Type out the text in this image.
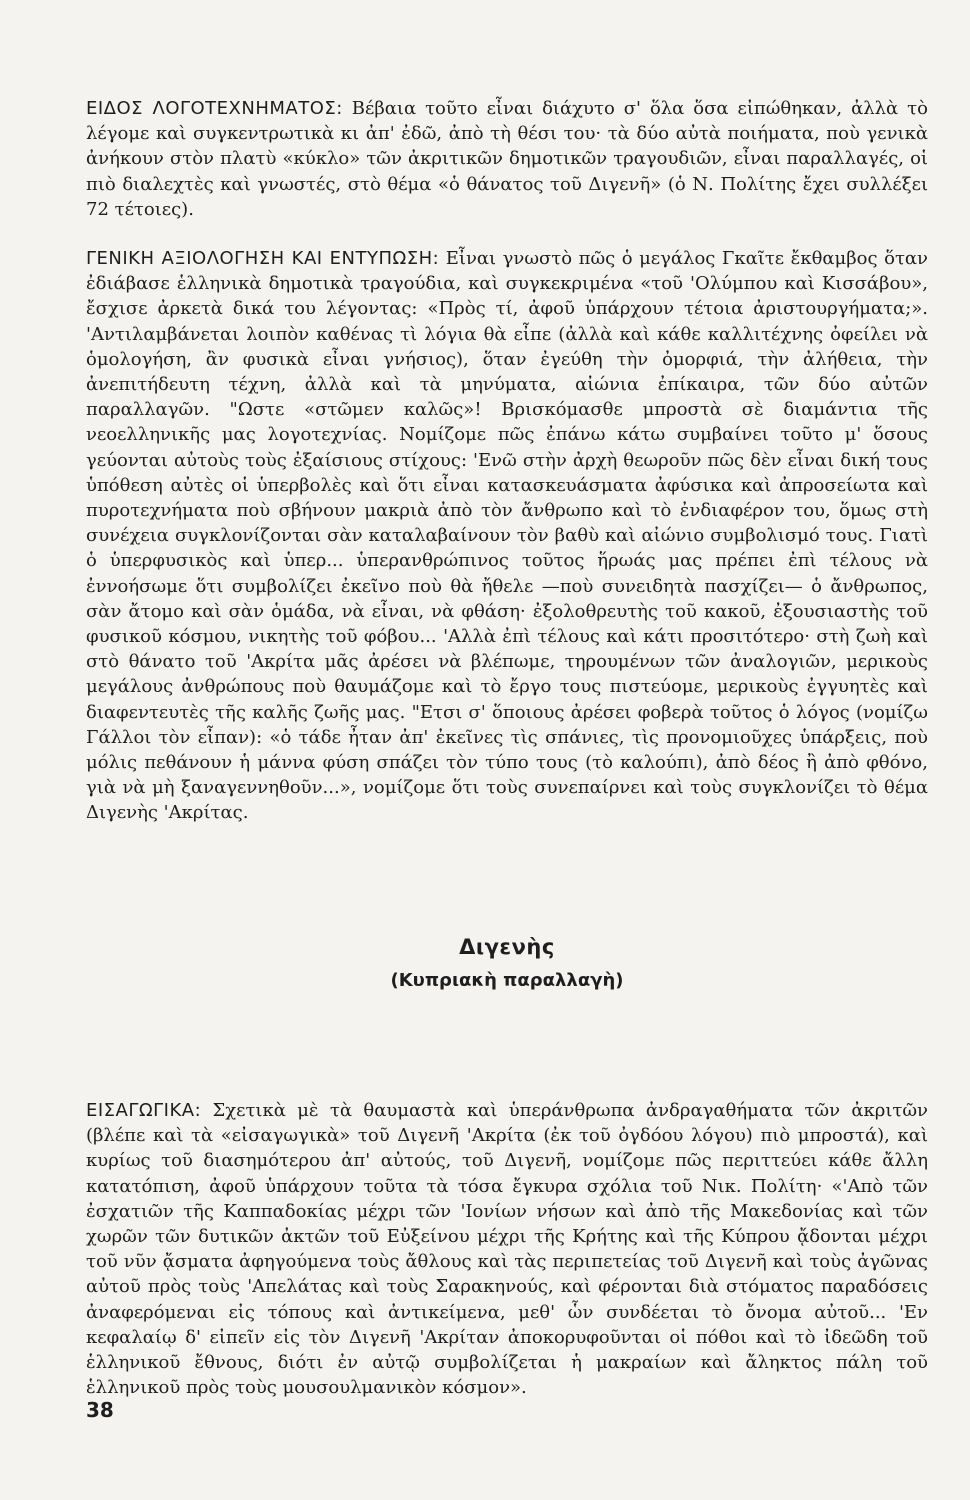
ΕΙΔΟΣ ΛΟΓΟΤΕΧΝΗΜΑΤΟΣ: Βέβαια τοῦτο εἶναι διάχυτο σ' ὅλα ὅσα εἰπώθηκαν, ἀλλὰ τὸ λέγομε καὶ συγκεντρωτικὰ κι ἀπ' ἐδῶ, ἀπὸ τὴ θέσι του· τὰ δύο αὐτὰ ποιήματα, ποὺ γενικὰ ἀνήκουν στὸν πλατὺ «κύκλο» τῶν ἀκριτικῶν δημοτικῶν τραγουδιῶν, εἶναι παραλλαγές, οἱ πιὸ διαλεχτὲς καὶ γνωστές, στὸ θέμα «ὁ θάνατος τοῦ Διγενῆ» (ὁ Ν. Πολίτης ἔχει συλλέξει 72 τέτοιες).

ΓΕΝΙΚΗ ΑΞΙΟΛΟΓΗΣΗ ΚΑΙ ΕΝΤΥΠΩΣΗ: Εἶναι γνωστὸ πῶς ὁ μεγάλος Γκαῖτε ἔκθαμβος ὅταν ἐδιάβασε ἑλληνικὰ δημοτικὰ τραγούδια, καὶ συγκεκριμένα «τοῦ 'Ολύμπου καὶ Κισσάβου», ἔσχισε ἀρκετὰ δικά του λέγοντας: «Πρὸς τί, ἀφοῦ ὑπάρχουν τέτοια ἀριστουργήματα;». 'Αντιλαμβάνεται λοιπὸν καθένας τὶ λόγια θὰ εἶπε (ἀλλὰ καὶ κάθε καλλιτέχνης ὀφείλει νὰ ὁμολογήση, ἂν φυσικὰ εἶναι γνήσιος), ὅταν ἐγεύθη τὴν ὀμορφιά, τὴν ἀλήθεια, τὴν ἀνεπιτήδευτη τέχνη, ἀλλὰ καὶ τὰ μηνύματα, αἰώνια ἐπίκαιρα, τῶν δύο αὐτῶν παραλλαγῶν. "Ωστε «στῶμεν καλῶς»! Βρισκόμασθε μπροστὰ σὲ διαμάντια τῆς νεοελληνικῆς μας λογοτεχνίας. Νομίζομε πῶς ἐπάνω κάτω συμβαίνει τοῦτο μ' ὅσους γεύονται αὐτοὺς τοὺς ἐξαίσιους στίχους: 'Ενῶ στὴν ἀρχὴ θεωροῦν πῶς δὲν εἶναι δική τους ὑπόθεση αὐτὲς οἱ ὑπερβολὲς καὶ ὅτι εἶναι κατασκευάσματα ἀφύσικα καὶ ἀπροσείωτα καὶ πυροτεχνήματα ποὺ σβήνουν μακριὰ ἀπὸ τὸν ἄνθρωπο καὶ τὸ ἐνδιαφέρον του, ὅμως στὴ συνέχεια συγκλονίζονται σὰν καταλαβαίνουν τὸν βαθὺ καὶ αἰώνιο συμβολισμό τους. Γιατὶ ὁ ὑπερφυσικὸς καὶ ὑπερ... ὑπερανθρώπινος τοῦτος ἥρωάς μας πρέπει ἐπὶ τέλους νὰ ἐννοήσωμε ὅτι συμβολίζει ἐκεῖνο ποὺ θὰ ἤθελε —ποὺ συνειδητὰ πασχίζει— ὁ ἄνθρωπος, σὰν ἄτομο καὶ σὰν ὁμάδα, νὰ εἶναι, νὰ φθάση· ἐξολοθρευτὴς τοῦ κακοῦ, ἐξουσιαστὴς τοῦ φυσικοῦ κόσμου, νικητὴς τοῦ φόβου... 'Αλλὰ ἐπὶ τέλους καὶ κάτι προσιτότερο· στὴ ζωὴ καὶ στὸ θάνατο τοῦ 'Ακρίτα μᾶς ἀρέσει νὰ βλέπωμε, τηρουμένων τῶν ἀναλογιῶν, μερικοὺς μεγάλους ἀνθρώπους ποὺ θαυμάζομε καὶ τὸ ἔργο τους πιστεύομε, μερικοὺς ἐγγυητὲς καὶ διαφεντευτὲς τῆς καλῆς ζωῆς μας. "Ετσι σ' ὅποιους ἀρέσει φοβερὰ τοῦτος ὁ λόγος (νομίζω Γάλλοι τὸν εἶπαν): «ὁ τάδε ἦταν ἀπ' ἐκεῖνες τὶς σπάνιες, τὶς προνομιοῦχες ὑπάρξεις, ποὺ μόλις πεθάνουν ἡ μάννα φύση σπάζει τὸν τύπο τους (τὸ καλούπι), ἀπὸ δέος ἢ ἀπὸ φθόνο, γιὰ νὰ μὴ ξαναγεννηθοῦν...», νομίζομε ὅτι τοὺς συνεπαίρνει καὶ τοὺς συγκλονίζει τὸ θέμα Διγενὴς 'Ακρίτας.

Διγενὴς
(Κυπριακὴ παραλλαγὴ)

ΕΙΣΑΓΩΓΙΚΑ: Σχετικὰ μὲ τὰ θαυμαστὰ καὶ ὑπεράνθρωπα ἀνδραγαθήματα τῶν ἀκριτῶν (βλέπε καὶ τὰ «εἰσαγωγικὰ» τοῦ Διγενῆ 'Ακρίτα (ἐκ τοῦ ὀγδόου λόγου) πιὸ μπροστά), καὶ κυρίως τοῦ διασημότερου ἀπ' αὐτούς, τοῦ Διγενῆ, νομίζομε πῶς περιττεύει κάθε ἄλλη κατατόπιση, ἀφοῦ ὑπάρχουν τοῦτα τὰ τόσα ἔγκυρα σχόλια τοῦ Νικ. Πολίτη· «'Απὸ τῶν ἐσχατιῶν τῆς Καππαδοκίας μέχρι τῶν 'Ιονίων νήσων καὶ ἀπὸ τῆς Μακεδονίας καὶ τῶν χωρῶν τῶν δυτικῶν ἀκτῶν τοῦ Εὐξείνου μέχρι τῆς Κρήτης καὶ τῆς Κύπρου ᾄδονται μέχρι τοῦ νῦν ᾄσματα ἀφηγούμενα τοὺς ἄθλους καὶ τὰς περιπετείας τοῦ Διγενῆ καὶ τοὺς ἀγῶνας αὐτοῦ πρὸς τοὺς 'Απελάτας καὶ τοὺς Σαρακηνούς, καὶ φέρονται διὰ στόματος παραδόσεις ἀναφερόμεναι εἰς τόπους καὶ ἀντικείμενα, μεθ' ὧν συνδέεται τὸ ὄνομα αὐτοῦ... 'Εν κεφαλαίῳ δ' εἰπεῖν εἰς τὸν Διγενῆ 'Ακρίταν ἀποκορυφοῦνται οἱ πόθοι καὶ τὸ ἰδεῶδη τοῦ ἑλληνικοῦ ἔθνους, διότι ἐν αὐτῷ συμβολίζεται ἡ μακραίων καὶ ἄληκτος πάλη τοῦ ἑλληνικοῦ πρὸς τοὺς μουσουλμανικὸν κόσμον».

38
